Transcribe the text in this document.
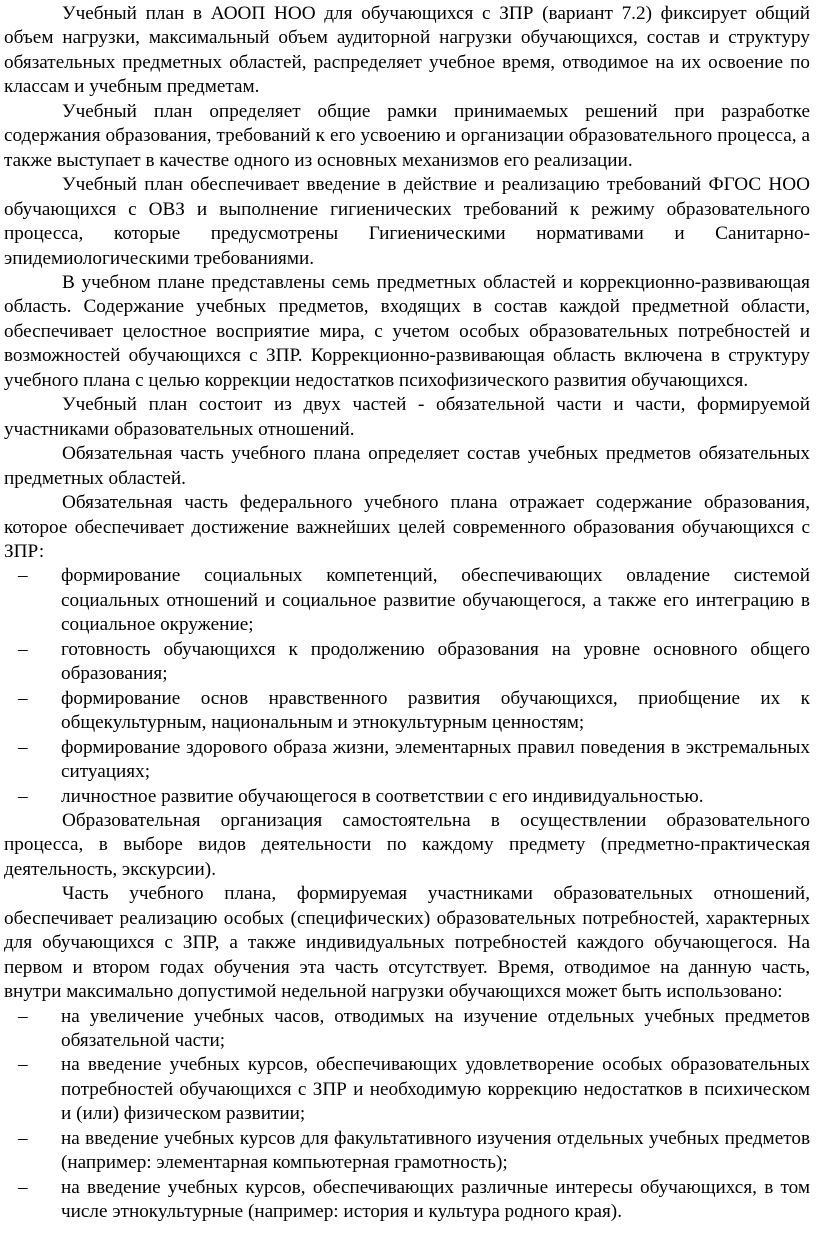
Учебный план в АООП НОО для обучающихся с ЗПР (вариант 7.2) фиксирует общий объем нагрузки, максимальный объем аудиторной нагрузки обучающихся, состав и структуру обязательных предметных областей, распределяет учебное время, отводимое на их освоение по классам и учебным предметам.

Учебный план определяет общие рамки принимаемых решений при разработке содержания образования, требований к его усвоению и организации образовательного процесса, а также выступает в качестве одного из основных механизмов его реализации.

Учебный план обеспечивает введение в действие и реализацию требований ФГОС НОО обучающихся с ОВЗ и выполнение гигиенических требований к режиму образовательного процесса, которые предусмотрены Гигиеническими нормативами и Санитарно-эпидемиологическими требованиями.

В учебном плане представлены семь предметных областей и коррекционно-развивающая область. Содержание учебных предметов, входящих в состав каждой предметной области, обеспечивает целостное восприятие мира, с учетом особых образовательных потребностей и возможностей обучающихся с ЗПР. Коррекционно-развивающая область включена в структуру учебного плана с целью коррекции недостатков психофизического развития обучающихся.

Учебный план состоит из двух частей - обязательной части и части, формируемой участниками образовательных отношений.

Обязательная часть учебного плана определяет состав учебных предметов обязательных предметных областей.

Обязательная часть федерального учебного плана отражает содержание образования, которое обеспечивает достижение важнейших целей современного образования обучающихся с ЗПР:

– формирование социальных компетенций, обеспечивающих овладение системой социальных отношений и социальное развитие обучающегося, а также его интеграцию в социальное окружение;
– готовность обучающихся к продолжению образования на уровне основного общего образования;
– формирование основ нравственного развития обучающихся, приобщение их к общекультурным, национальным и этнокультурным ценностям;
– формирование здорового образа жизни, элементарных правил поведения в экстремальных ситуациях;
– личностное развитие обучающегося в соответствии с его индивидуальностью.

Образовательная организация самостоятельна в осуществлении образовательного процесса, в выборе видов деятельности по каждому предмету (предметно-практическая деятельность, экскурсии).

Часть учебного плана, формируемая участниками образовательных отношений, обеспечивает реализацию особых (специфических) образовательных потребностей, характерных для обучающихся с ЗПР, а также индивидуальных потребностей каждого обучающегося. На первом и втором годах обучения эта часть отсутствует. Время, отводимое на данную часть, внутри максимально допустимой недельной нагрузки обучающихся может быть использовано:

– на увеличение учебных часов, отводимых на изучение отдельных учебных предметов обязательной части;
– на введение учебных курсов, обеспечивающих удовлетворение особых образовательных потребностей обучающихся с ЗПР и необходимую коррекцию недостатков в психическом и (или) физическом развитии;
– на введение учебных курсов для факультативного изучения отдельных учебных предметов (например: элементарная компьютерная грамотность);
– на введение учебных курсов, обеспечивающих различные интересы обучающихся, в том числе этнокультурные (например: история и культура родного края).
